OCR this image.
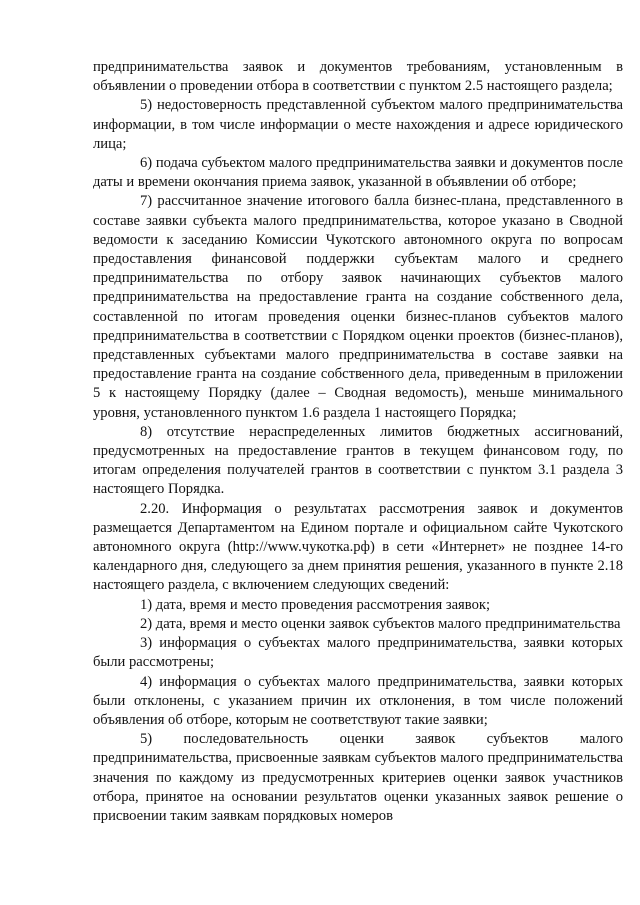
предпринимательства заявок и документов требованиям, установленным в объявлении о проведении отбора в соответствии с пунктом 2.5 настоящего раздела;

5) недостоверность представленной субъектом малого предпринимательства информации, в том числе информации о месте нахождения и адресе юридического лица;

6) подача субъектом малого предпринимательства заявки и документов после даты и времени окончания приема заявок, указанной в объявлении об отборе;

7) рассчитанное значение итогового балла бизнес-плана, представленного в составе заявки субъекта малого предпринимательства, которое указано в Сводной ведомости к заседанию Комиссии Чукотского автономного округа по вопросам предоставления финансовой поддержки субъектам малого и среднего предпринимательства по отбору заявок начинающих субъектов малого предпринимательства на предоставление гранта на создание собственного дела, составленной по итогам проведения оценки бизнес-планов субъектов малого предпринимательства в соответствии с Порядком оценки проектов (бизнес-планов), представленных субъектами малого предпринимательства в составе заявки на предоставление гранта на создание собственного дела, приведенным в приложении 5 к настоящему Порядку (далее – Сводная ведомость), меньше минимального уровня, установленного пунктом 1.6 раздела 1 настоящего Порядка;

8) отсутствие нераспределенных лимитов бюджетных ассигнований, предусмотренных на предоставление грантов в текущем финансовом году, по итогам определения получателей грантов в соответствии с пунктом 3.1 раздела 3 настоящего Порядка.

2.20. Информация о результатах рассмотрения заявок и документов размещается Департаментом на Едином портале и официальном сайте Чукотского автономного округа (http://www.чукотка.рф) в сети «Интернет» не позднее 14-го календарного дня, следующего за днем принятия решения, указанного в пункте 2.18 настоящего раздела, с включением следующих сведений:

1) дата, время и место проведения рассмотрения заявок;

2) дата, время и место оценки заявок субъектов малого предпринимательства

3) информация о субъектах малого предпринимательства, заявки которых были рассмотрены;

4) информация о субъектах малого предпринимательства, заявки которых были отклонены, с указанием причин их отклонения, в том числе положений объявления об отборе, которым не соответствуют такие заявки;

5) последовательность оценки заявок субъектов малого предпринимательства, присвоенные заявкам субъектов малого предпринимательства значения по каждому из предусмотренных критериев оценки заявок участников отбора, принятое на основании результатов оценки указанных заявок решение о присвоении таким заявкам порядковых номеров
